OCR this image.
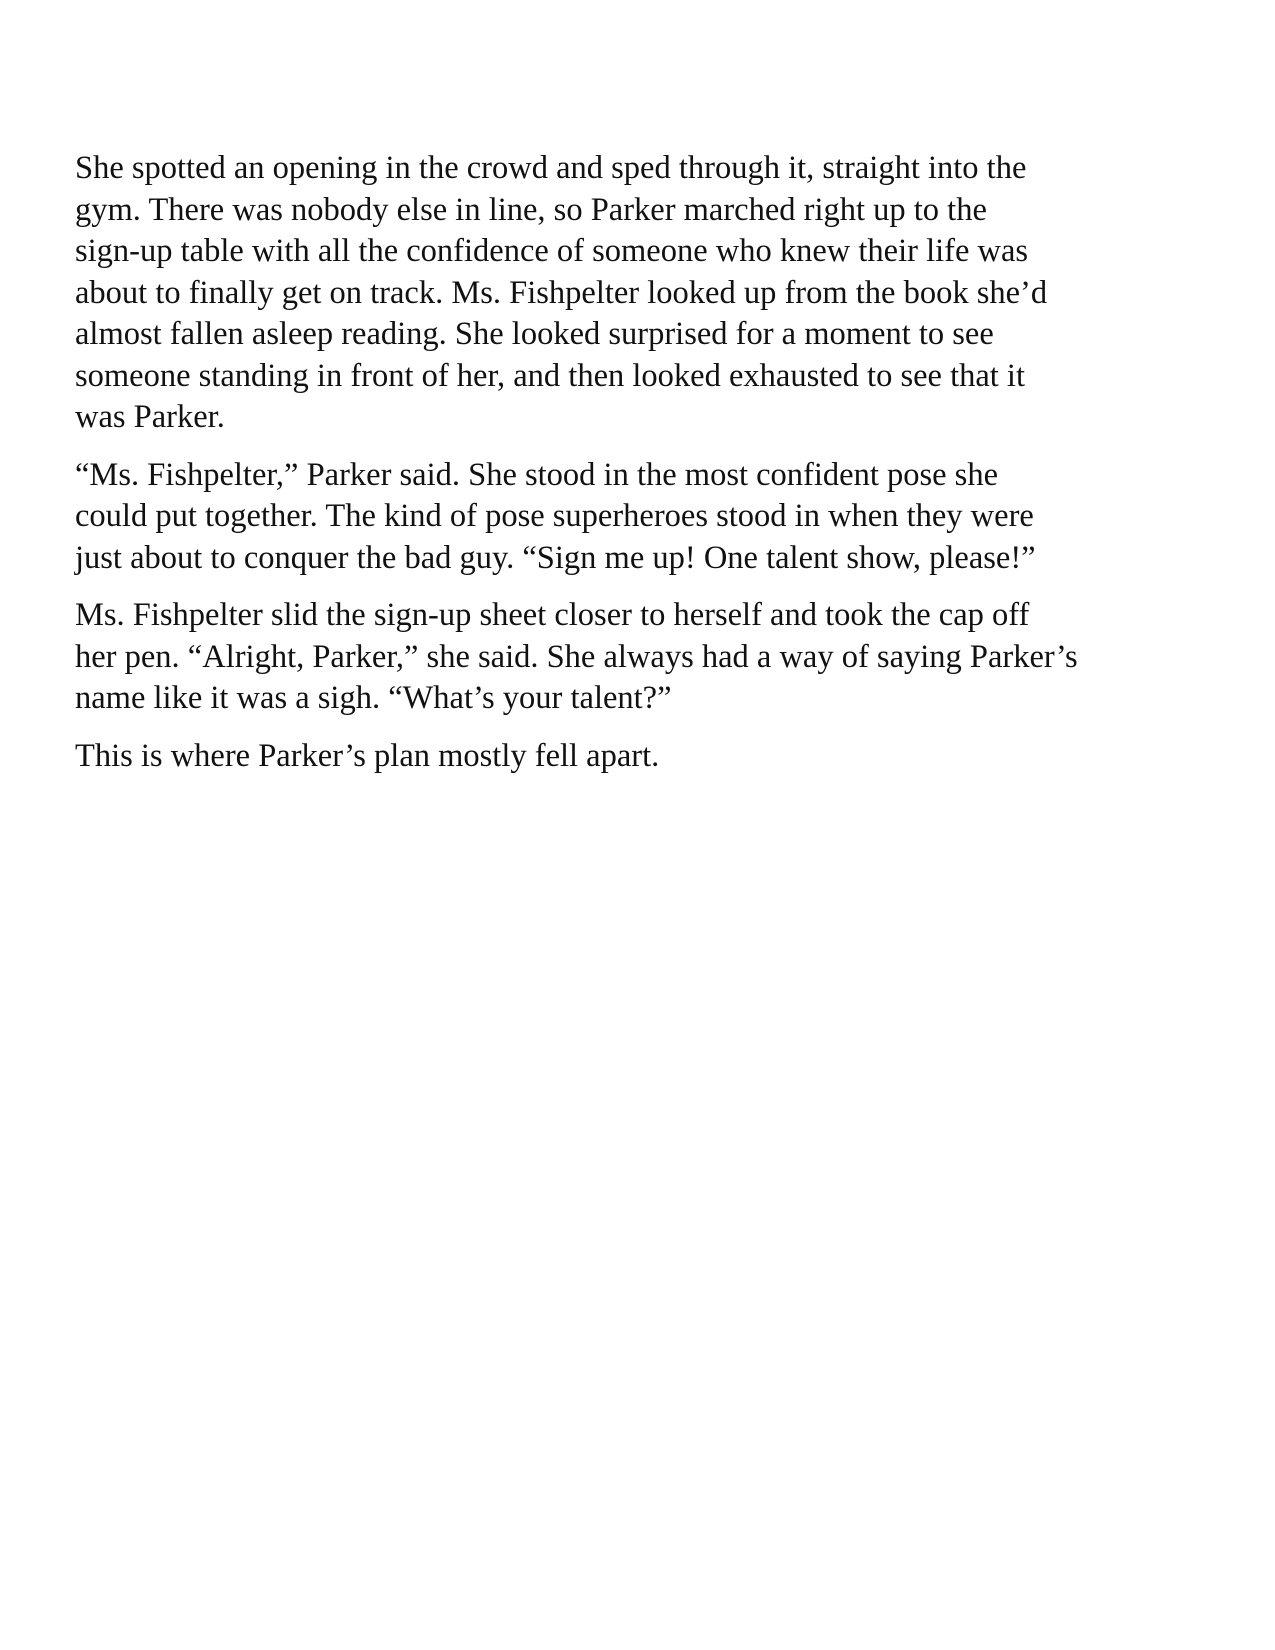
She spotted an opening in the crowd and sped through it, straight into the
gym. There was nobody else in line, so Parker marched right up to the
sign-up table with all the confidence of someone who knew their life was
about to finally get on track. Ms. Fishpelter looked up from the book she’d
almost fallen asleep reading. She looked surprised for a moment to see
someone standing in front of her, and then looked exhausted to see that it
was Parker.

“Ms. Fishpelter,” Parker said. She stood in the most confident pose she
could put together. The kind of pose superheroes stood in when they were
just about to conquer the bad guy. “Sign me up! One talent show, please!”

Ms. Fishpelter slid the sign-up sheet closer to herself and took the cap off
her pen. “Alright, Parker,” she said. She always had a way of saying Parker’s
name like it was a sigh. “What’s your talent?”

This is where Parker’s plan mostly fell apart.
